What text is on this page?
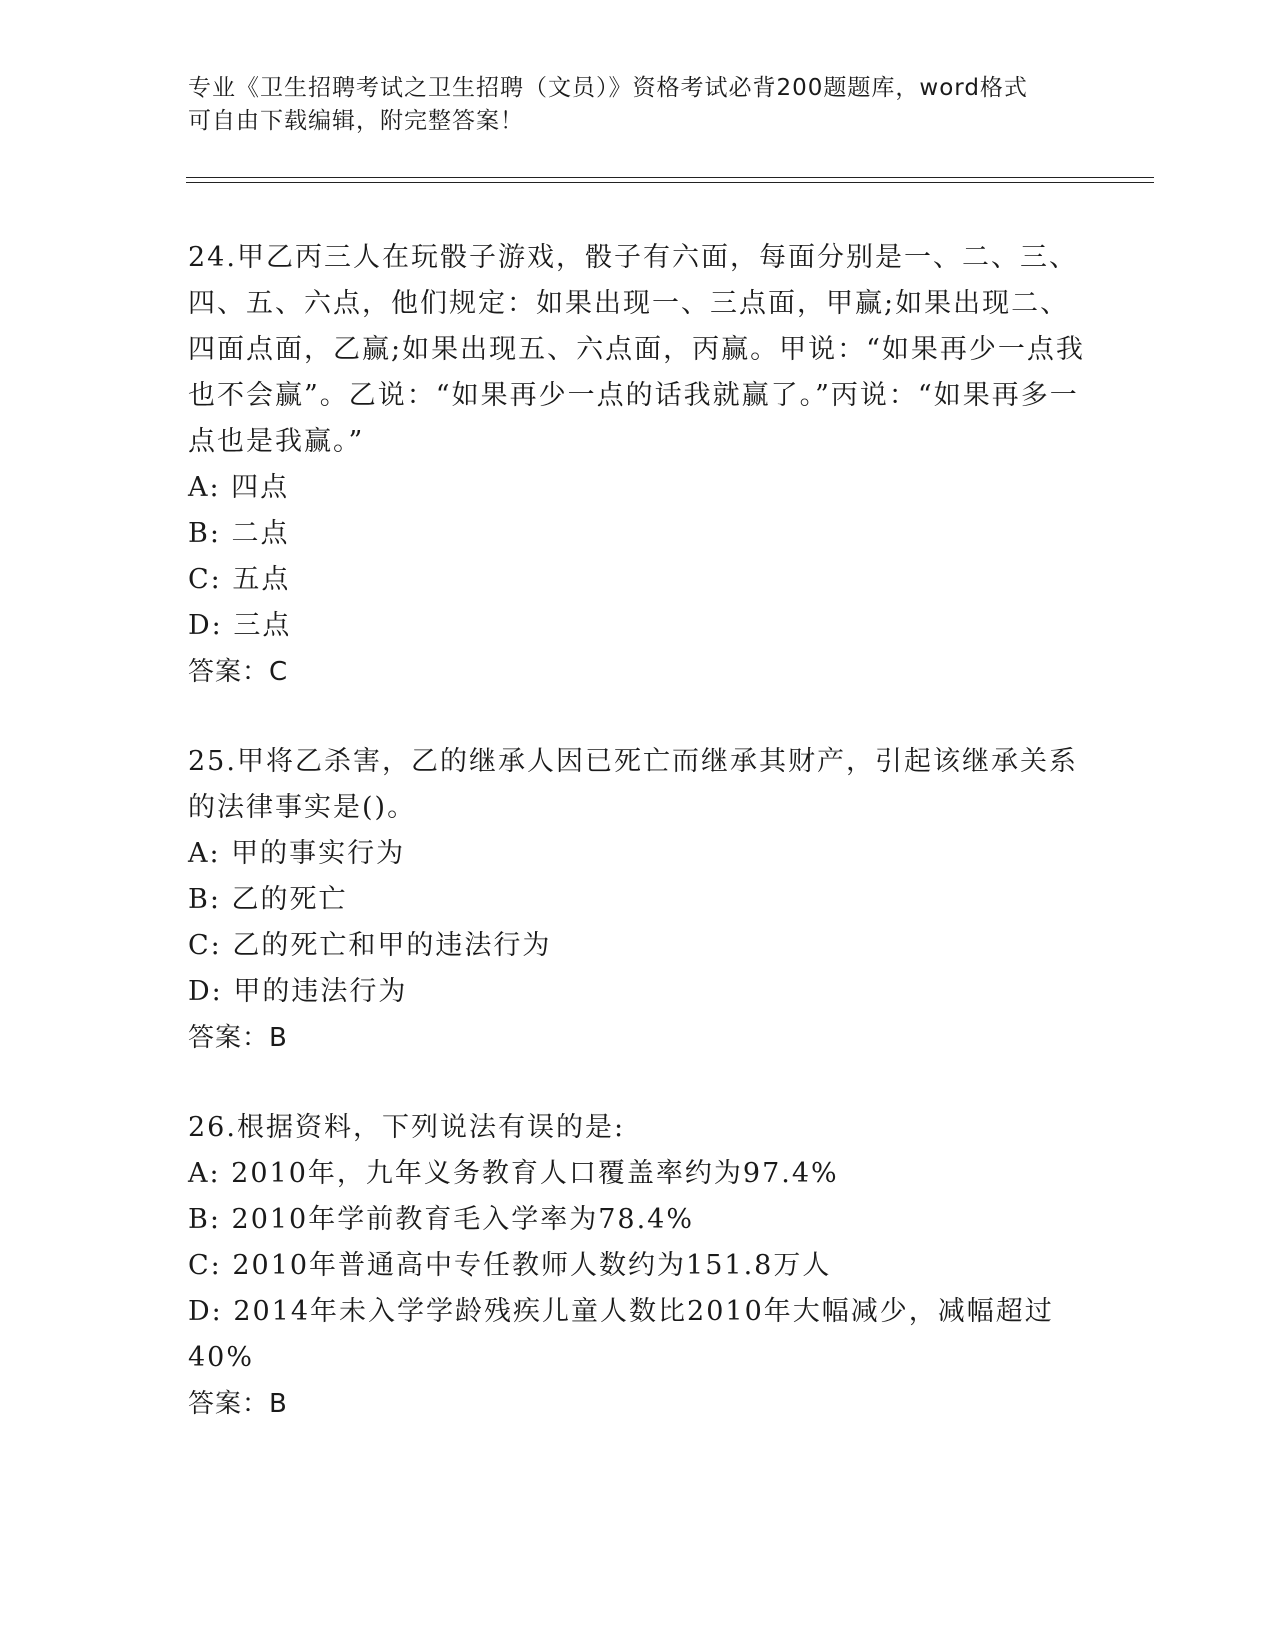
专业《卫生招聘考试之卫生招聘（文员）》资格考试必背200题题库，word格式
可自由下载编辑，附完整答案！

24.甲乙丙三人在玩骰子游戏，骰子有六面，每面分别是一、二、三、四、五、六点，他们规定：如果出现一、三点面，甲赢;如果出现二、四面点面，乙赢;如果出现五、六点面，丙赢。甲说：“如果再少一点我也不会赢”。乙说：“如果再少一点的话我就赢了。”丙说：“如果再多一点也是我赢。”

A: 四点

B: 二点

C: 五点

D: 三点

答案：C

25.甲将乙杀害，乙的继承人因已死亡而继承其财产，引起该继承关系的法律事实是()。

A: 甲的事实行为

B: 乙的死亡

C: 乙的死亡和甲的违法行为

D: 甲的违法行为

答案：B

26.根据资料，下列说法有误的是:

A: 2010年，九年义务教育人口覆盖率约为97.4%

B: 2010年学前教育毛入学率为78.4%

C: 2010年普通高中专任教师人数约为151.8万人

D: 2014年未入学学龄残疾儿童人数比2010年大幅减少，减幅超过40%

答案：B
